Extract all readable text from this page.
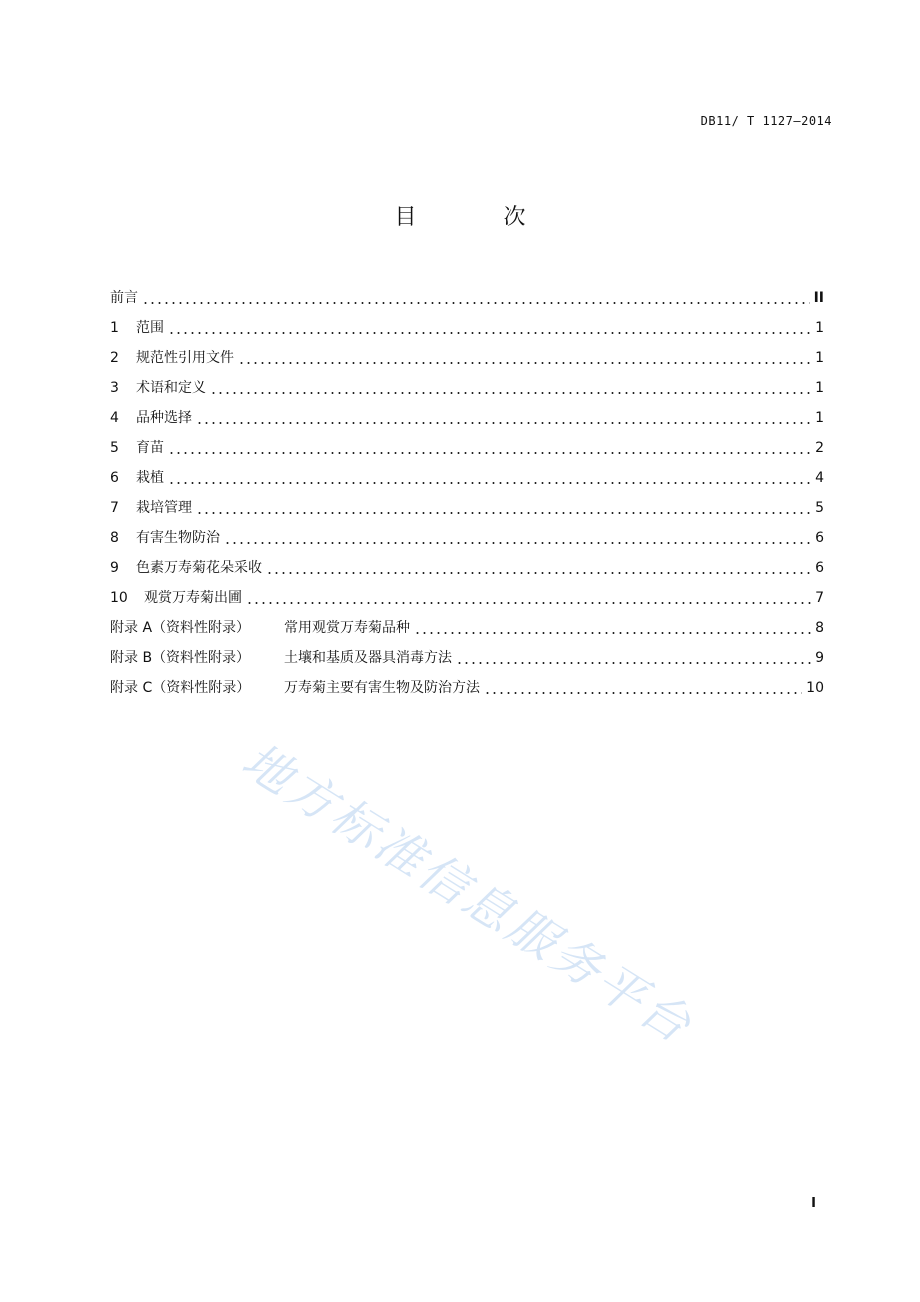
DB11/ T 1127—2014
目 次
前言	II
1	范围	1
2	规范性引用文件	1
3	术语和定义	1
4	品种选择	1
5	育苗	2
6	栽植	4
7	栽培管理	5
8	有害生物防治	6
9	色素万寿菊花朵采收	6
10	观赏万寿菊出圃	7
附录 A（资料性附录）	常用观赏万寿菊品种	8
附录 B（资料性附录）	土壤和基质及器具消毒方法	9
附录 C（资料性附录）	万寿菊主要有害生物及防治方法	10
地方标准信息服务平台
I
